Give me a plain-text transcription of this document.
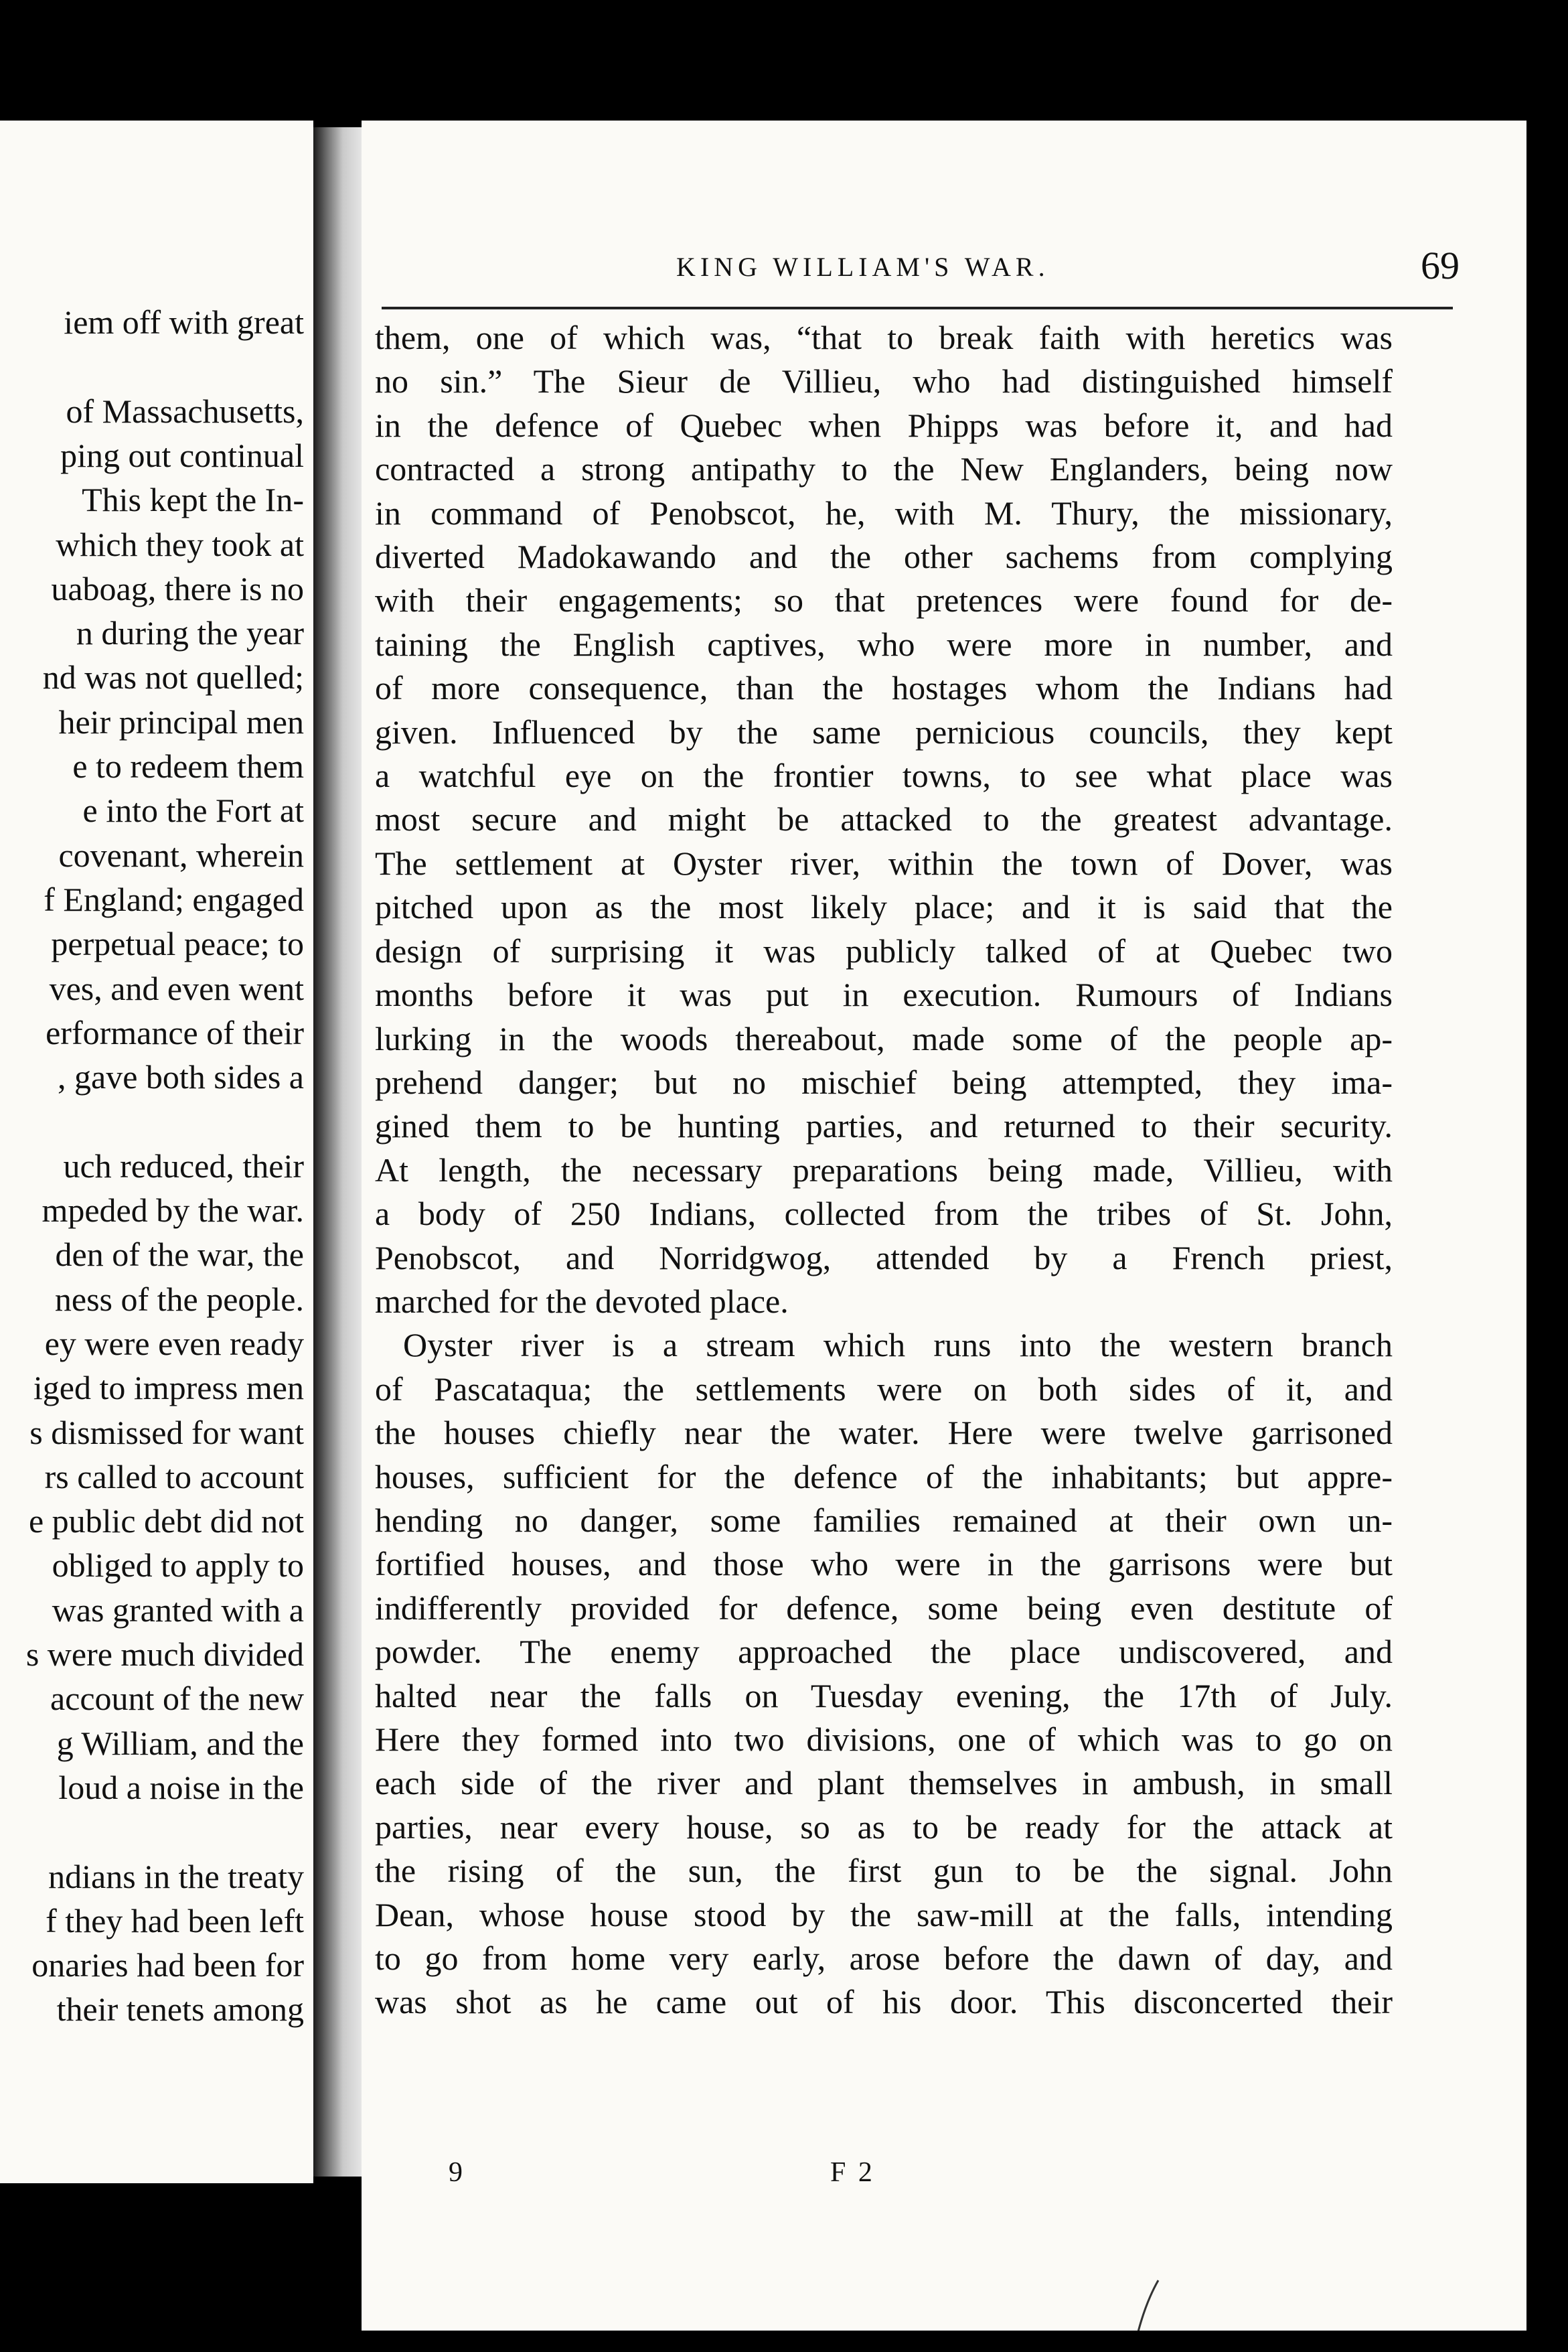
iem off with great
of Massachusetts,
ping out continual
This kept the In-
which they took at
uaboag, there is no
n during the year
nd was not quelled;
heir principal men
e to redeem them
e into the Fort at
covenant, wherein
f England; engaged
perpetual peace; to
ves, and even went
erformance of their
, gave both sides a
uch reduced, their
mpeded by the war.
den of the war, the
ness of the people.
ey were even ready
iged to impress men
s dismissed for want
rs called to account
e public debt did not
obliged to apply to
was granted with a
s were much divided
account of the new
g William, and the
loud a noise in the
ndians in the treaty
f they had been left
onaries had been for
their tenets among
KING WILLIAM'S WAR.	69
them, one of which was, “that to break faith with heretics was
no sin.” The Sieur de Villieu, who had distinguished himself
in the defence of Quebec when Phipps was before it, and had
contracted a strong antipathy to the New Englanders, being now
in command of Penobscot, he, with M. Thury, the missionary,
diverted Madokawando and the other sachems from complying
with their engagements; so that pretences were found for de-
taining the English captives, who were more in number, and
of more consequence, than the hostages whom the Indians had
given. Influenced by the same pernicious councils, they kept
a watchful eye on the frontier towns, to see what place was
most secure and might be attacked to the greatest advantage.
The settlement at Oyster river, within the town of Dover, was
pitched upon as the most likely place; and it is said that the
design of surprising it was publicly talked of at Quebec two
months before it was put in execution. Rumours of Indians
lurking in the woods thereabout, made some of the people ap-
prehend danger; but no mischief being attempted, they ima-
gined them to be hunting parties, and returned to their security.
At length, the necessary preparations being made, Villieu, with
a body of 250 Indians, collected from the tribes of St. John,
Penobscot, and Norridgwog, attended by a French priest,
marched for the devoted place.
Oyster river is a stream which runs into the western branch
of Pascataqua; the settlements were on both sides of it, and
the houses chiefly near the water. Here were twelve garrisoned
houses, sufficient for the defence of the inhabitants; but appre-
hending no danger, some families remained at their own un-
fortified houses, and those who were in the garrisons were but
indifferently provided for defence, some being even destitute of
powder. The enemy approached the place undiscovered, and
halted near the falls on Tuesday evening, the 17th of July.
Here they formed into two divisions, one of which was to go on
each side of the river and plant themselves in ambush, in small
parties, near every house, so as to be ready for the attack at
the rising of the sun, the first gun to be the signal. John
Dean, whose house stood by the saw-mill at the falls, intending
to go from home very early, arose before the dawn of day, and
was shot as he came out of his door. This disconcerted their
9	F 2
